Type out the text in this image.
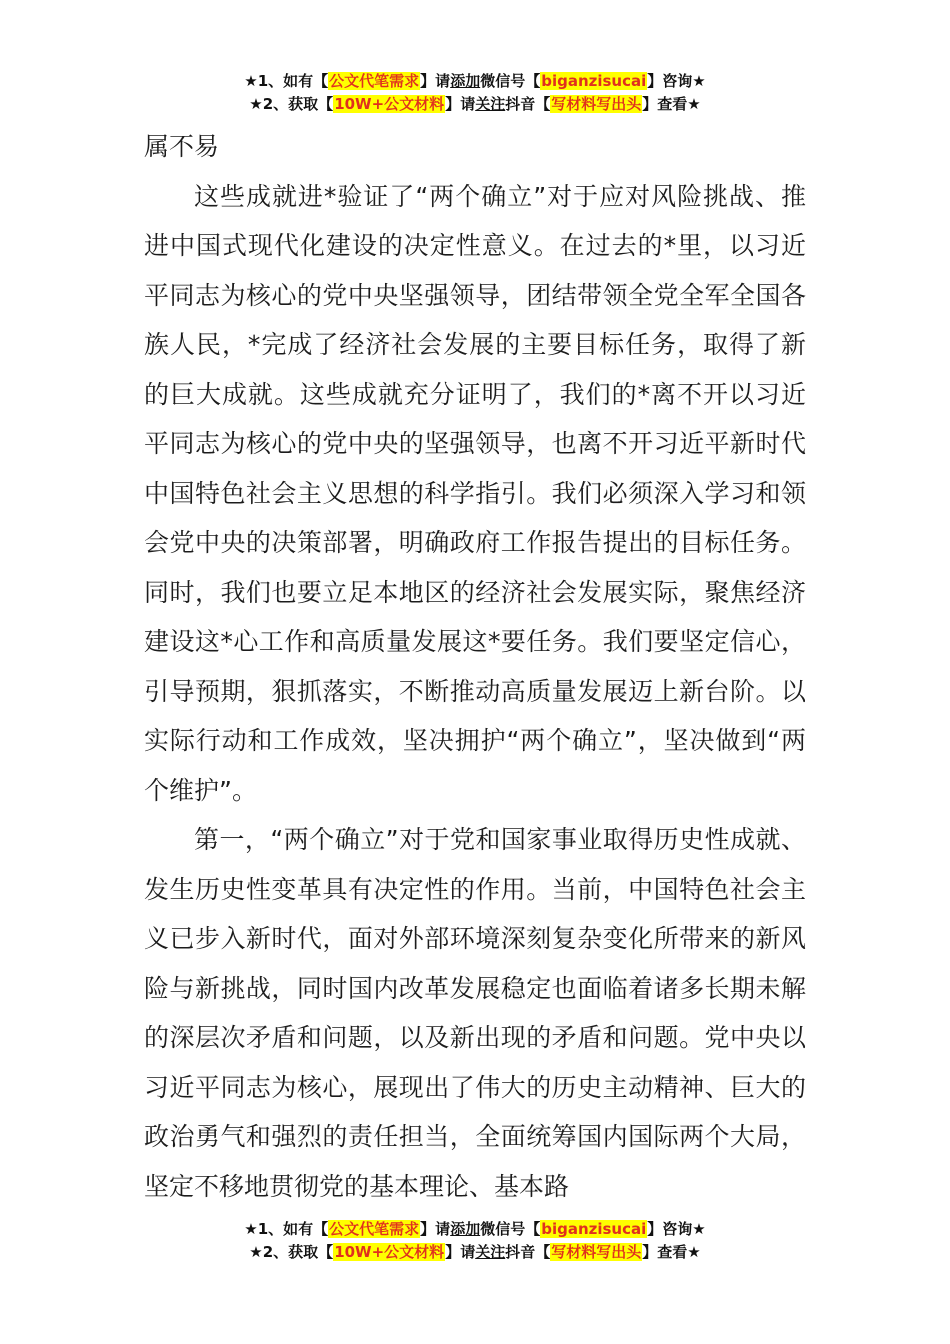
★1、如有【公文代笔需求】请添加微信号【biganzisucai】咨询★
★2、获取【10W+公文材料】请关注抖音【写材料写出头】查看★

属不易

这些成就进*验证了“两个确立”对于应对风险挑战、推进中国式现代化建设的决定性意义。在过去的*里，以习近平同志为核心的党中央坚强领导，团结带领全党全军全国各族人民，*完成了经济社会发展的主要目标任务，取得了新的巨大成就。这些成就充分证明了，我们的*离不开以习近平同志为核心的党中央的坚强领导，也离不开习近平新时代中国特色社会主义思想的科学指引。我们必须深入学习和领会党中央的决策部署，明确政府工作报告提出的目标任务。同时，我们也要立足本地区的经济社会发展实际，聚焦经济建设这*心工作和高质量发展这*要任务。我们要坚定信心，引导预期，狠抓落实，不断推动高质量发展迈上新台阶。以实际行动和工作成效，坚决拥护“两个确立”，坚决做到“两个维护”。

第一，“两个确立”对于党和国家事业取得历史性成就、发生历史性变革具有决定性的作用。当前，中国特色社会主义已步入新时代，面对外部环境深刻复杂变化所带来的新风险与新挑战，同时国内改革发展稳定也面临着诸多长期未解的深层次矛盾和问题，以及新出现的矛盾和问题。党中央以习近平同志为核心，展现出了伟大的历史主动精神、巨大的政治勇气和强烈的责任担当，全面统筹国内国际两个大局，坚定不移地贯彻党的基本理论、基本路

★1、如有【公文代笔需求】请添加微信号【biganzisucai】咨询★
★2、获取【10W+公文材料】请关注抖音【写材料写出头】查看★
